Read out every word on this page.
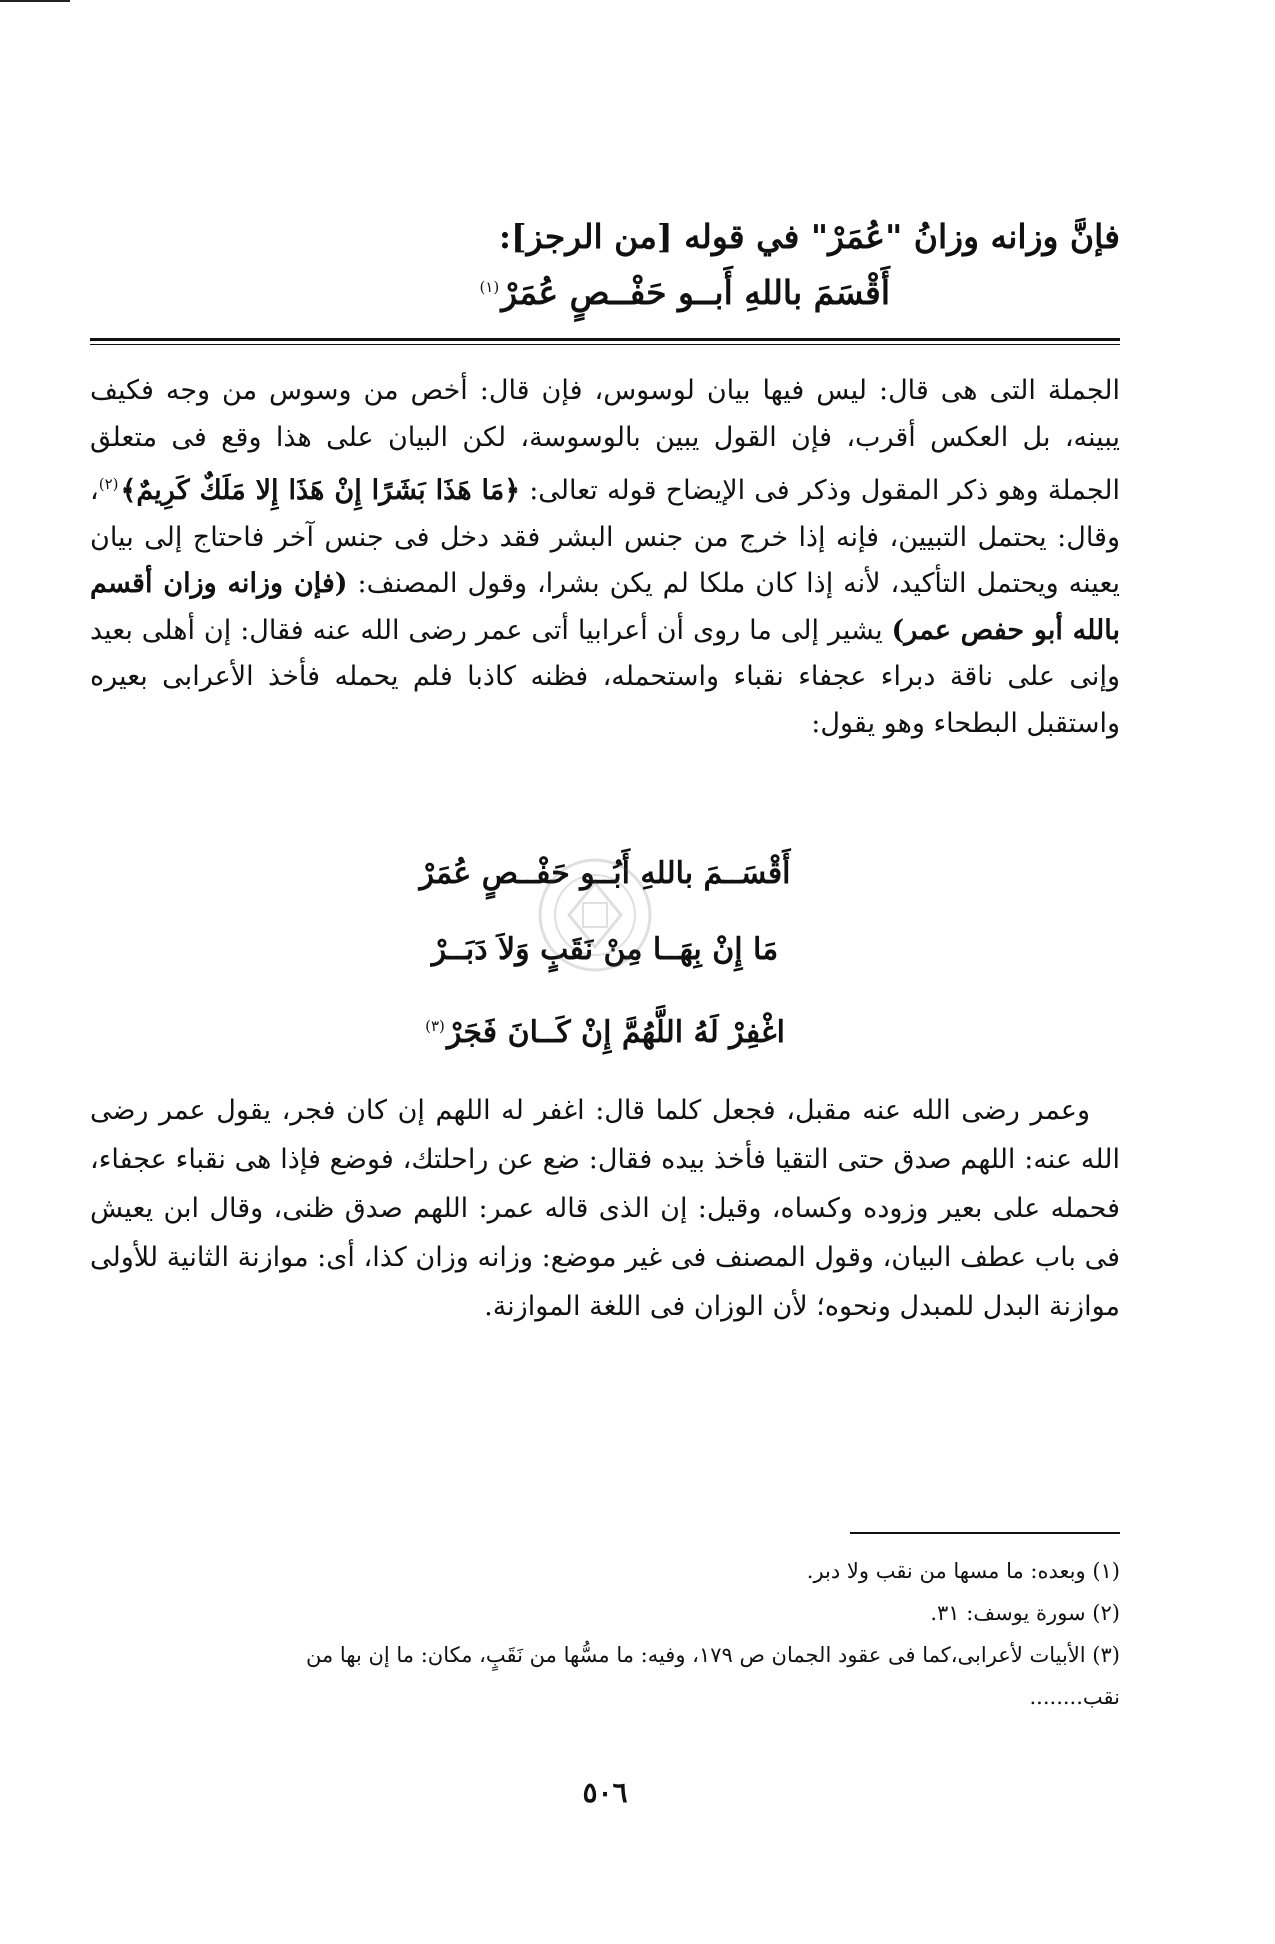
فإنَّ وزانه وزانُ "عُمَرْ" في قوله [من الرجز]:
أَقْسَمَ باللهِ أَبــو حَفْــصٍ عُمَرْ$^{(١)}$

الجملة التى هى قال: ليس فيها بيان لوسوس، فإن قال: أخص من وسوس من وجه فكيف يبينه، بل العكس أقرب، فإن القول يبين بالوسوسة، لكن البيان على هذا وقع فى متعلق الجملة وهو ذكر المقول وذكر فى الإيضاح قوله تعالى: ﴿مَا هَذَا بَشَرًا إِنْ هَذَا إِلا مَلَكٌ كَرِيمٌ﴾$^{(٢)}$، وقال: يحتمل التبيين، فإنه إذا خرج من جنس البشر فقد دخل فى جنس آخر فاحتاج إلى بيان يعينه ويحتمل التأكيد، لأنه إذا كان ملكا لم يكن بشرا، وقول المصنف: (فإن وزانه وزان أقسم بالله أبو حفص عمر) يشير إلى ما روى أن أعرابيا أتى عمر رضى الله عنه فقال: إن أهلى بعيد وإنى على ناقة دبراء عجفاء نقباء واستحمله، فظنه كاذبا فلم يحمله فأخذ الأعرابى بعيره واستقبل البطحاء وهو يقول:

أَقْسَــمَ باللهِ أَبُــو حَفْــصٍ عُمَرْ
مَا إِنْ بِهَــا مِنْ نَقَبٍ وَلاَ دَبَــرْ
اغْفِرْ لَهُ اللَّهُمَّ إِنْ كَــانَ فَجَرْ$^{(٣)}$

وعمر رضى الله عنه مقبل، فجعل كلما قال: اغفر له اللهم إن كان فجر، يقول عمر رضى الله عنه: اللهم صدق حتى التقيا فأخذ بيده فقال: ضع عن راحلتك، فوضع فإذا هى نقباء عجفاء، فحمله على بعير وزوده وكساه، وقيل: إن الذى قاله عمر: اللهم صدق ظنى، وقال ابن يعيش فى باب عطف البيان، وقول المصنف فى غير موضع: وزانه وزان كذا، أى: موازنة الثانية للأولى موازنة البدل للمبدل ونحوه؛ لأن الوزان فى اللغة الموازنة.

(١) وبعده: ما مسها من نقب ولا دبر.
(٢) سورة يوسف: ٣١.
(٣) الأبيات لأعرابى،كما فى عقود الجمان ص ١٧٩، وفيه: ما مسُّها من نَقَبٍ، مكان: ما إن بها من
نقب........
٥٠٦
